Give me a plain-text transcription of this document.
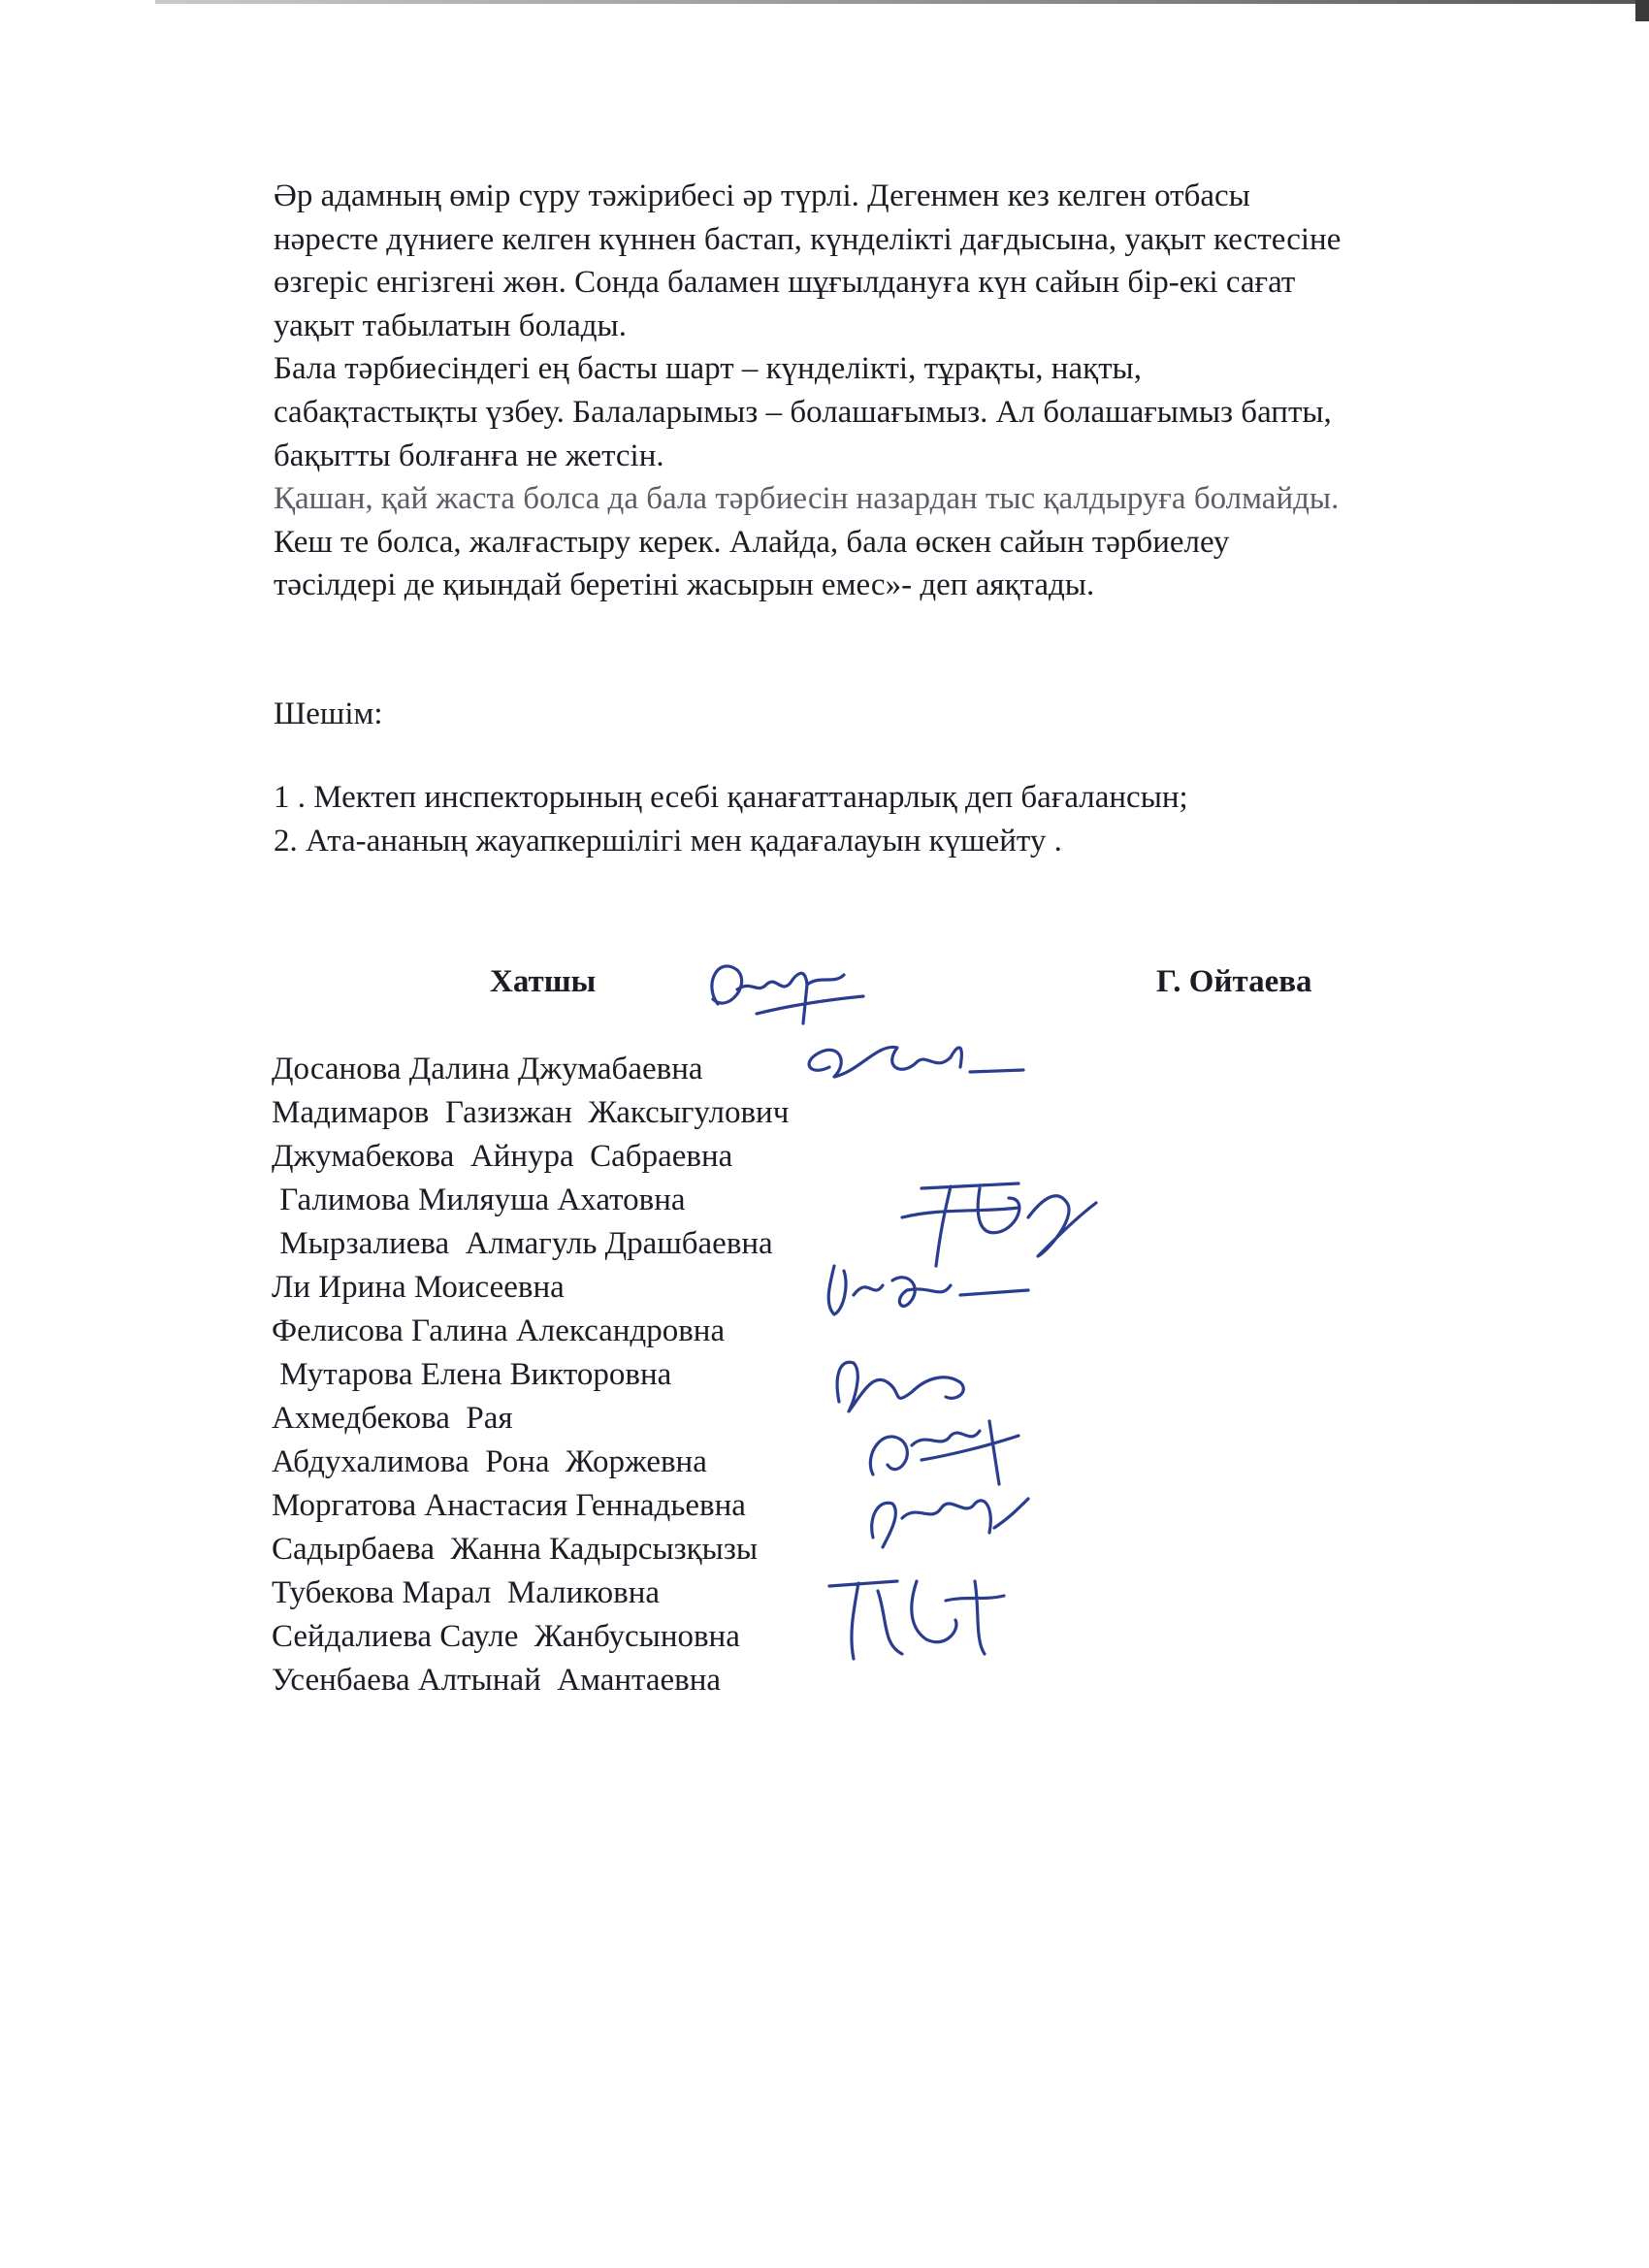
Әр адамның өмір сүру тәжірибесі әр түрлі. Дегенмен кез келген отбасы

нәресте дүниеге келген күннен бастап, күнделікті дағдысына, уақыт кестесіне

өзгеріс енгізгені жөн. Сонда баламен шұғылдануға күн сайын бір-екі сағат

уақыт табылатын болады.

Бала тәрбиесіндегі ең басты шарт – күнделікті, тұрақты, нақты,

сабақтастықты үзбеу. Балаларымыз – болашағымыз. Ал болашағымыз бапты,

бақытты болғанға не жетсін.

Қашан, қай жаста болса да бала тәрбиесін назардан тыс қалдыруға болмайды.

Кеш те болса, жалғастыру керек. Алайда, бала өскен сайын тәрбиелеу

тәсілдері де қиындай беретіні жасырын емес»- деп аяқтады.

Шешім:
1 . Мектеп инспекторының есебі қанағаттанарлық деп бағалансын;
2. Ата-ананың жауапкершілігі мен қадағалауын күшейту .
Хатшы	Г. Ойтаева
Досанова Далина Джумабаевна
Мадимаров  Газизжан  Жаксыгулович
Джумабекова  Айнура  Сабраевна
Галимова Миляуша Ахатовна
Мырзалиева  Алмагуль Драшбаевна
Ли Ирина Моисеевна
Фелисова Галина Александровна
Мутарова Елена Викторовна
Ахмедбекова  Рая
Абдухалимова  Рона  Жоржевна
Моргатова Анастасия Геннадьевна
Садырбаева  Жанна Кадырсызқызы
Тубекова Марал  Маликовна
Сейдалиева Сауле  Жанбусыновна
Усенбаева Алтынай  Амантаевна
